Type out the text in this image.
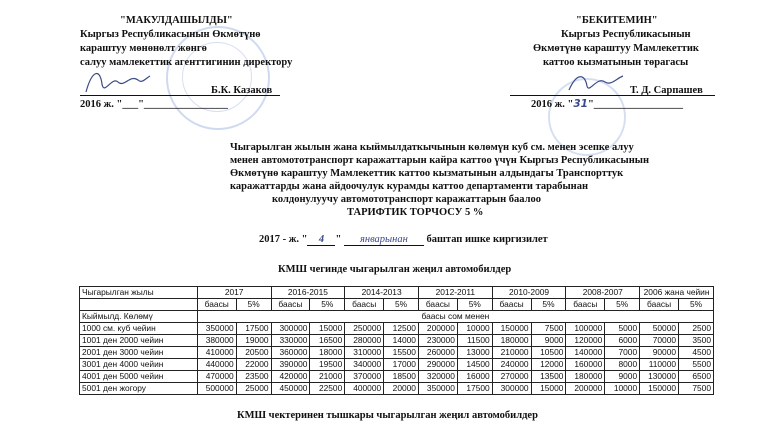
"МАКУЛДАШЫЛДЫ"
Кыргыз Республикасынын Өкмөтүнө
караштуу мөнөнөлт жөнгө
салуу мамлекеттик агенттигинин директору
Б.К. Казаков
2016 ж. "___"________________
"БЕКИТЕМИН"
Кыргыз Республикасынын
Өкмөтүнө караштуу Мамлекеттик
каттоо кызматынын төрагасы
Т. Д. Сарпашев
2016 ж. "31"_________________
Чыгарылган жылын жана кыймылдаткычынын көлөмүн куб см. менен эсепке алуу
менен автомототранспорт каражаттарын кайра каттоо үчүн Кыргыз Республикасынын
Өкмөтүнө караштуу Мамлекеттик каттоо кызматынын алдындагы Транспорттук
каражаттарды жана айдоочулук курамды каттоо департаменти тарабынан
колдонулуучу автомототранспорт каражаттарын баалоо
ТАРИФТИК ТОРЧОСУ 5 %
2017 - ж. " 4 " январынан баштап ишке киргизилет
КМШ чегинде чыгарылган жеңил автомобилдер
Чыгарылган жылы	2017		2016-2015		2014-2013		2012-2011		2010-2009		2008-2007		2006 жана чейин	
	баасы	5%	баасы	5%	баасы	5%	баасы	5%	баасы	5%	баасы	5%	баасы	5%
Кыймылд. Көлөмү	баасы сом менен													
1000 см. куб чейин	350000	17500	300000	15000	250000	12500	200000	10000	150000	7500	100000	5000	50000	2500
1001 ден 2000 чейин	380000	19000	330000	16500	280000	14000	230000	11500	180000	9000	120000	6000	70000	3500
2001 ден 3000 чейин	410000	20500	360000	18000	310000	15500	260000	13000	210000	10500	140000	7000	90000	4500
3001 ден 4000 чейин	440000	22000	390000	19500	340000	17000	290000	14500	240000	12000	160000	8000	110000	5500
4001 ден 5000 чейин	470000	23500	420000	21000	370000	18500	320000	16000	270000	13500	180000	9000	130000	6500
5001 ден жогору	500000	25000	450000	22500	400000	20000	350000	17500	300000	15000	200000	10000	150000	7500
КМШ чектеринен тышкары чыгарылган жеңил автомобилдер
